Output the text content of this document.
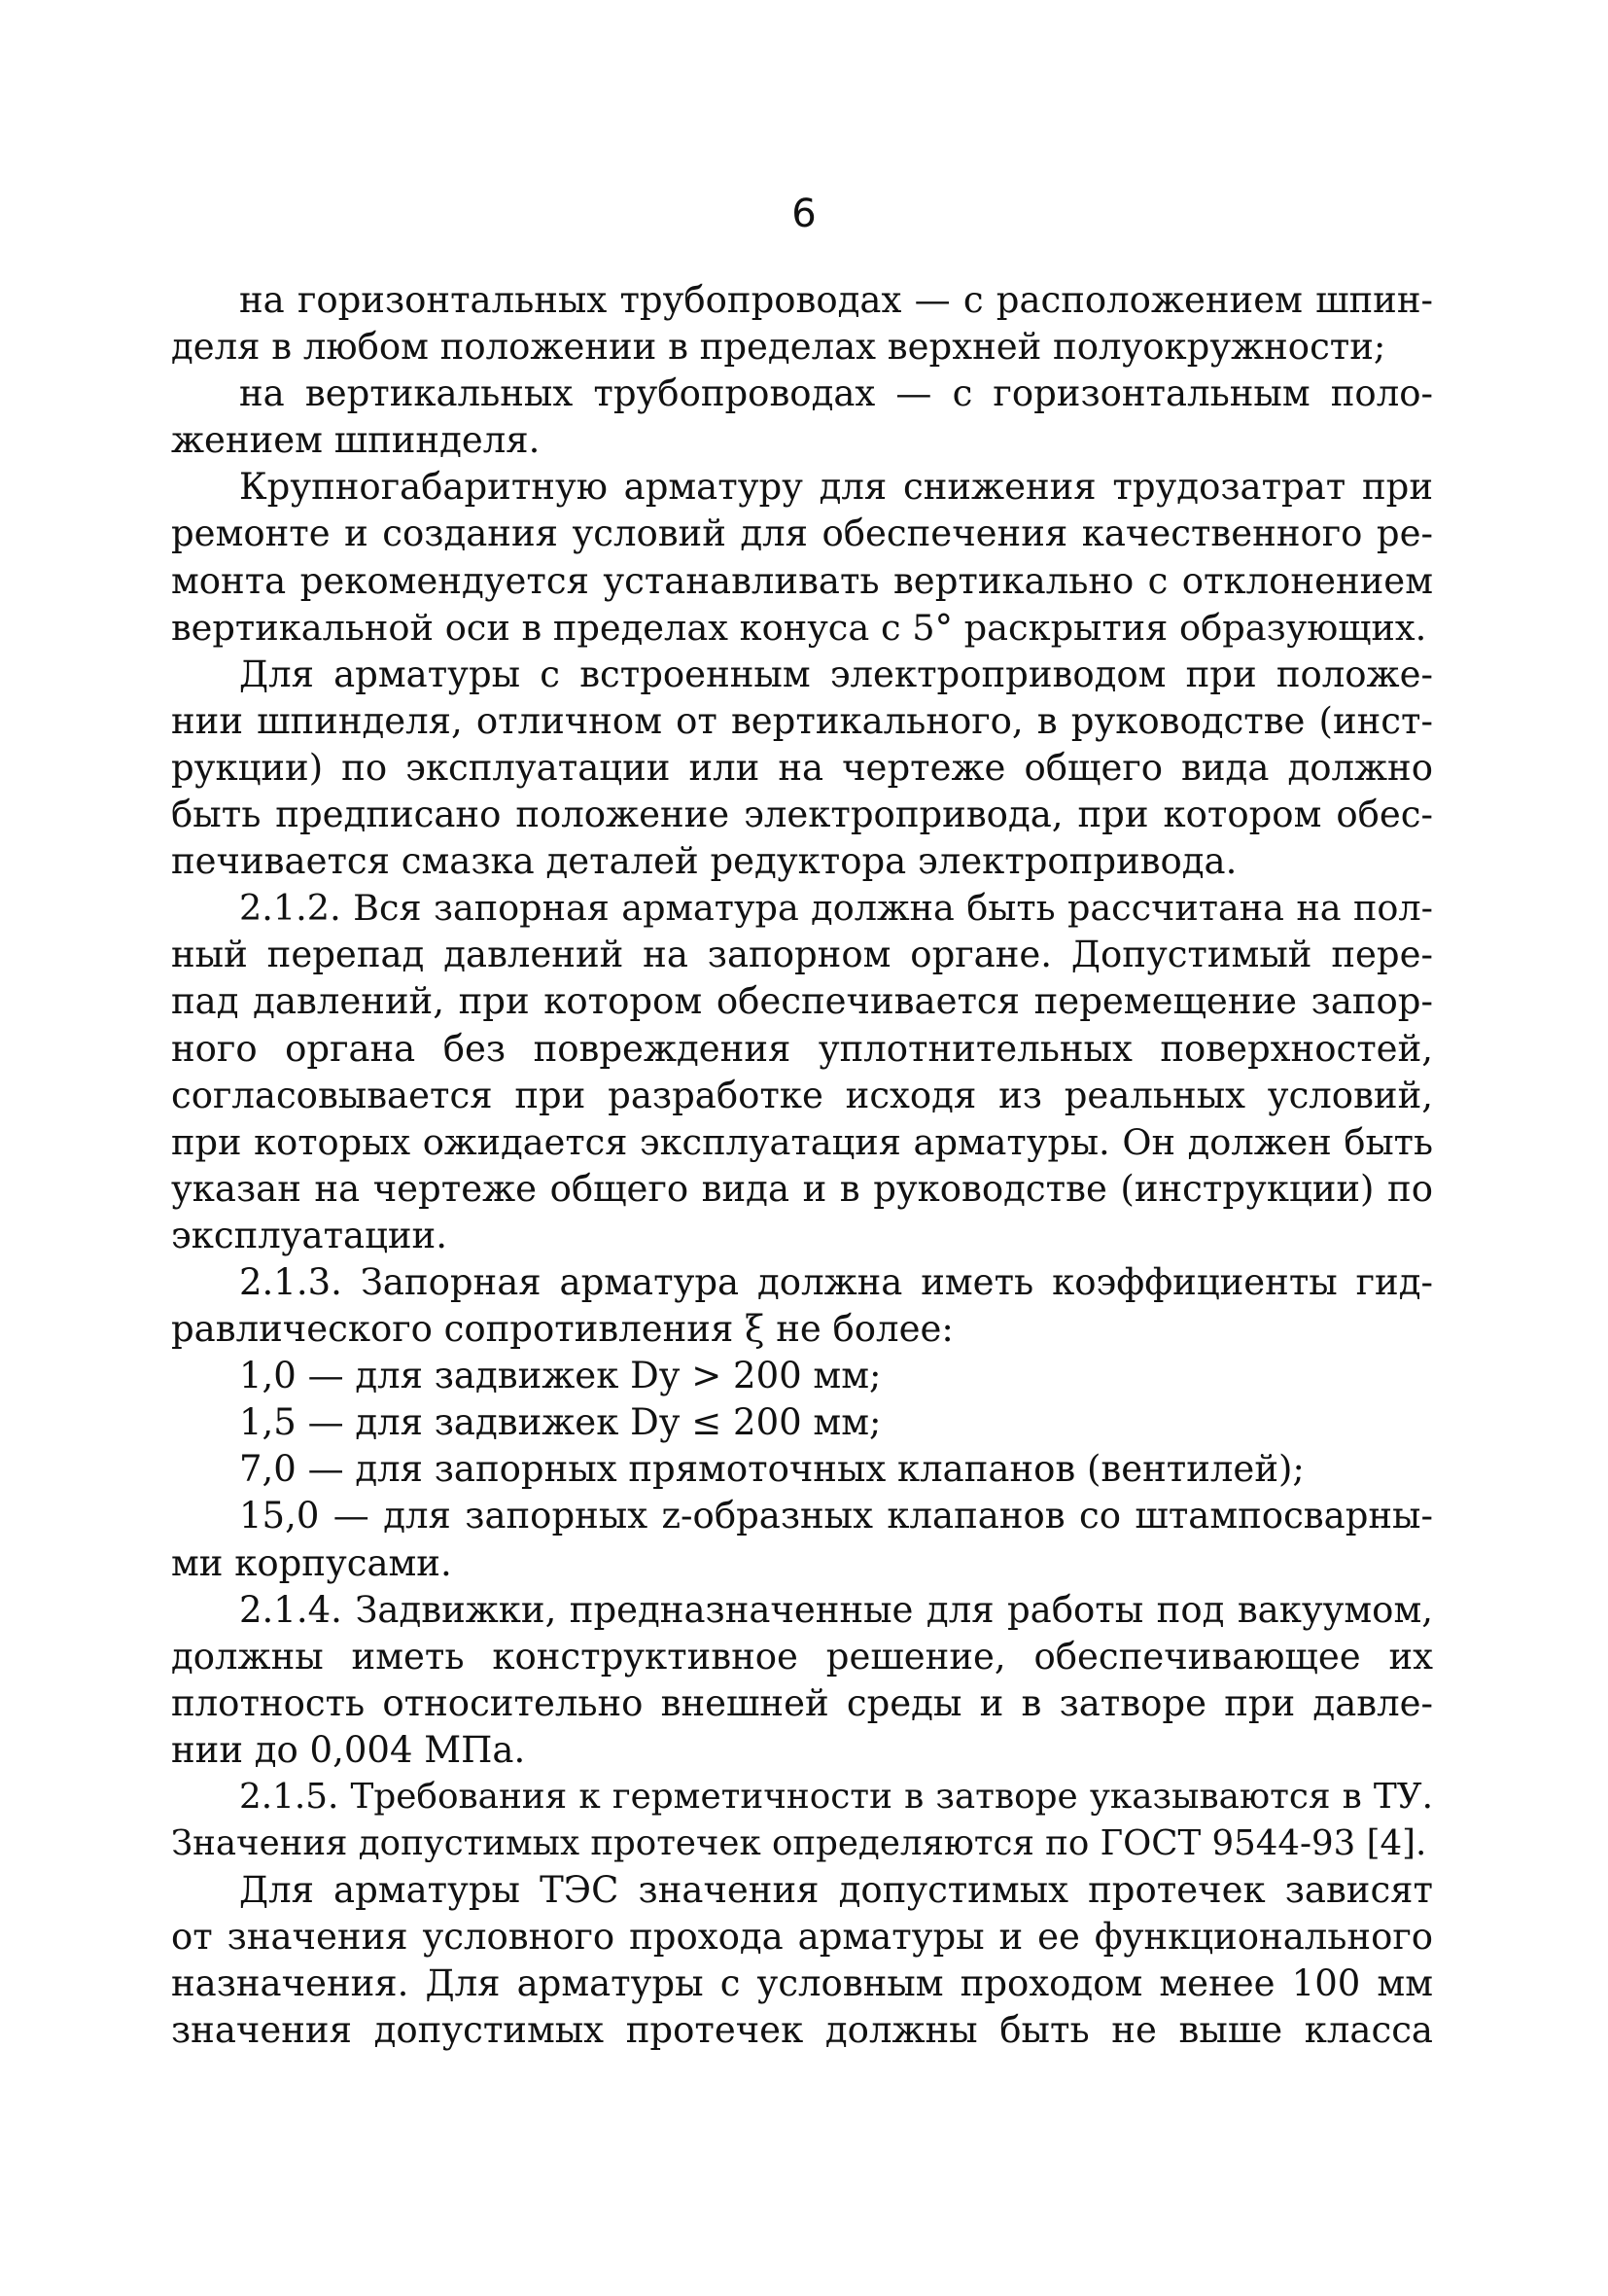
6
на горизонтальных трубопроводах — с расположением шпин-
деля в любом положении в пределах верхней полуокружности;
на вертикальных трубопроводах — с горизонтальным поло-
жением шпинделя.
Крупногабаритную арматуру для снижения трудозатрат при
ремонте и создания условий для обеспечения качественного ре-
монта рекомендуется устанавливать вертикально с отклонением
вертикальной оси в пределах конуса с 5° раскрытия образующих.
Для арматуры с встроенным электроприводом при положе-
нии шпинделя, отличном от вертикального, в руководстве (инст-
рукции) по эксплуатации или на чертеже общего вида должно
быть предписано положение электропривода, при котором обес-
печивается смазка деталей редуктора электропривода.
2.1.2. Вся запорная арматура должна быть рассчитана на пол-
ный перепад давлений на запорном органе. Допустимый пере-
пад давлений, при котором обеспечивается перемещение запор-
ного органа без повреждения уплотнительных поверхностей,
согласовывается при разработке исходя из реальных условий,
при которых ожидается эксплуатация арматуры. Он должен быть
указан на чертеже общего вида и в руководстве (инструкции) по
эксплуатации.
2.1.3. Запорная арматура должна иметь коэффициенты гид-
равлического сопротивления ξ не более:
1,0 — для задвижек Dу > 200 мм;
1,5 — для задвижек Dу ≤ 200 мм;
7,0 — для запорных прямоточных клапанов (вентилей);
15,0 — для запорных z-образных клапанов со штампосварны-
ми корпусами.
2.1.4. Задвижки, предназначенные для работы под вакуумом,
должны иметь конструктивное решение, обеспечивающее их
плотность относительно внешней среды и в затворе при давле-
нии до 0,004 МПа.
2.1.5. Требования к герметичности в затворе указываются в ТУ.
Значения допустимых протечек определяются по ГОСТ 9544-93 [4].
Для арматуры ТЭС значения допустимых протечек зависят
от значения условного прохода арматуры и ее функционального
назначения. Для арматуры с условным проходом менее 100 мм
значения допустимых протечек должны быть не выше класса
